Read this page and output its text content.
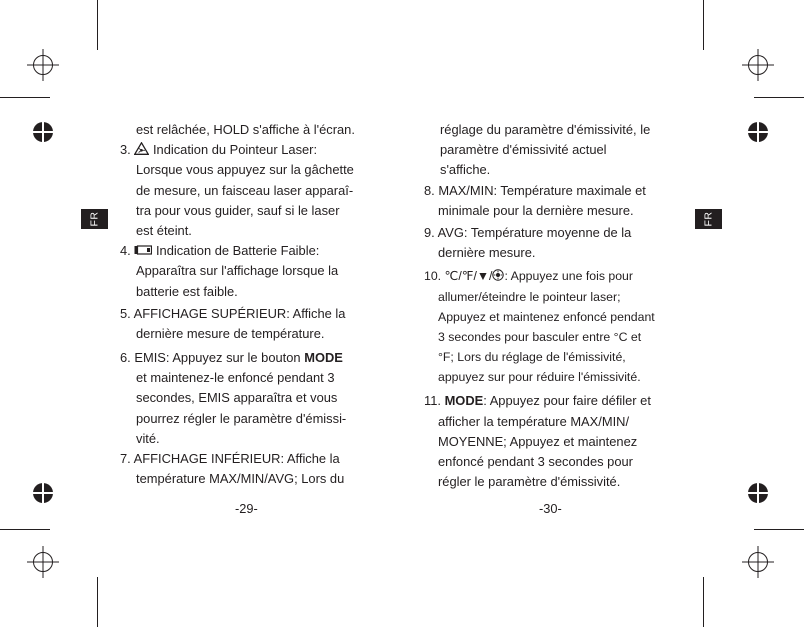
FR	FR
est relâchée, HOLD s'affiche à l'écran.
3. Indication du Pointeur Laser:
Lorsque vous appuyez sur la gâchette
de mesure, un faisceau laser apparaî-
tra pour vous guider, sauf si le laser
est éteint.
4. Indication de Batterie Faible:
Apparaîtra sur l'affichage lorsque la
batterie est faible.
5. AFFICHAGE SUPÉRIEUR: Affiche la
dernière mesure de température.
6. EMIS: Appuyez sur le bouton MODE
et maintenez-le enfoncé pendant 3
secondes, EMIS apparaîtra et vous
pourrez régler le paramètre d'émissi-
vité.
7. AFFICHAGE INFÉRIEUR: Affiche la
température MAX/MIN/AVG; Lors du
-29-
réglage du paramètre d'émissivité, le
paramètre d'émissivité actuel
s'affiche.
8. MAX/MIN: Température maximale et
minimale pour la dernière mesure.
9. AVG: Température moyenne de la
dernière mesure.
10. ℃/℉/▼/ : Appuyez une fois pour
allumer/éteindre le pointeur laser;
Appuyez et maintenez enfoncé pendant
3 secondes pour basculer entre °C et
°F; Lors du réglage de l'émissivité,
appuyez sur pour réduire l'émissivité.
11. MODE: Appuyez pour faire défiler et
afficher la température MAX/MIN/
MOYENNE; Appuyez et maintenez
enfoncé pendant 3 secondes pour
régler le paramètre d'émissivité.
-30-
